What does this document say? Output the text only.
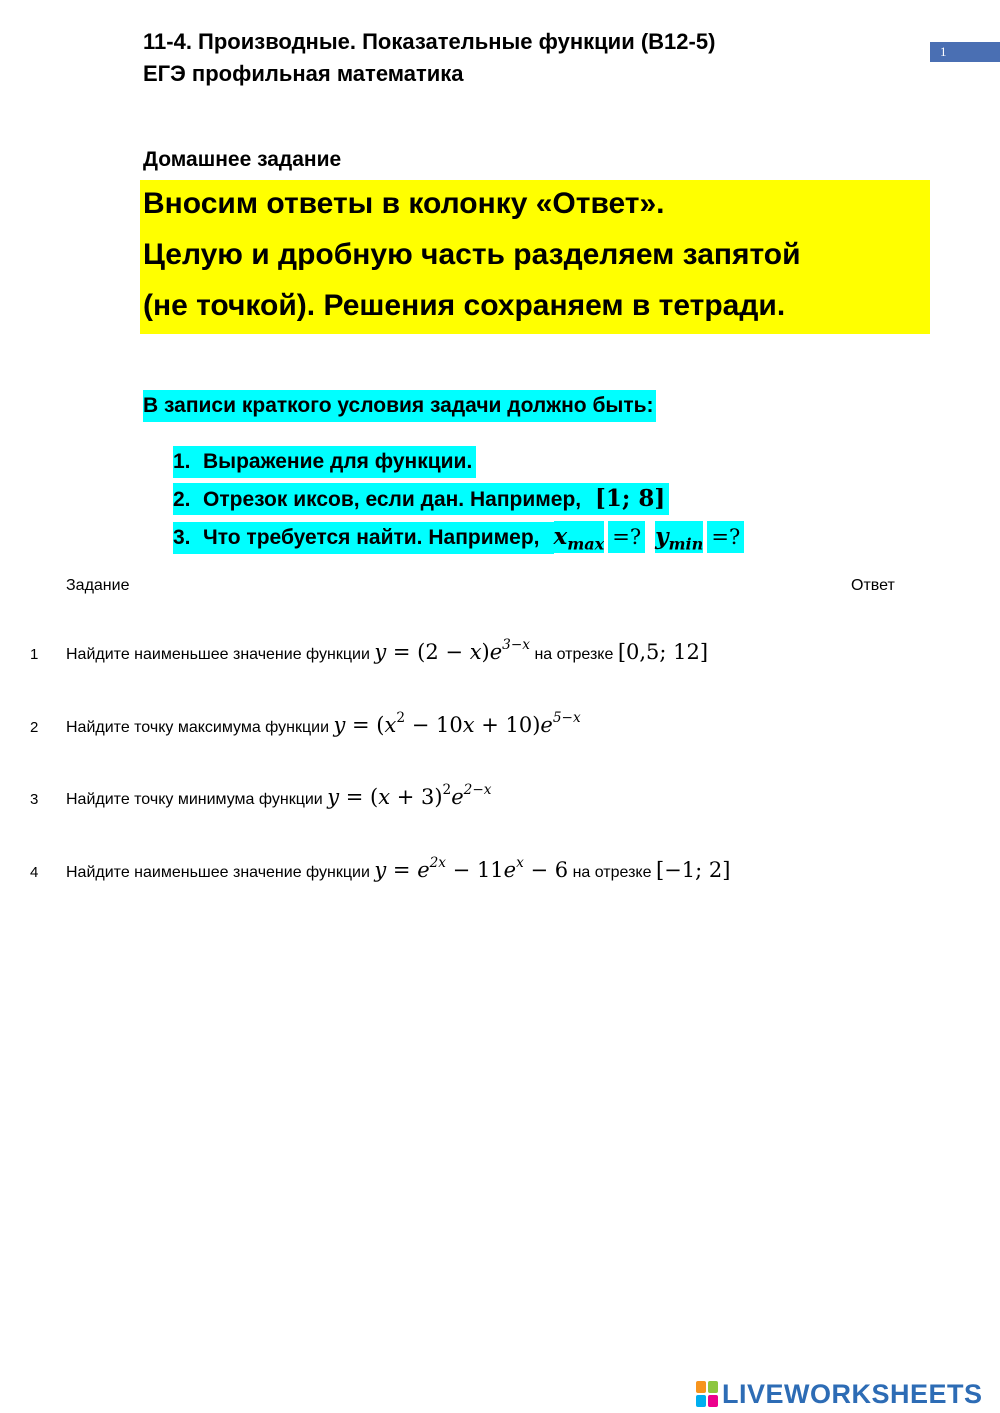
11-4. Производные. Показательные функции (B12-5)
ЕГЭ профильная математика
1
Домашнее задание
Вносим ответы в колонку «Ответ».
Целую и дробную часть разделяем запятой
(не точкой). Решения сохраняем в тетради.
В записи краткого условия задачи должно быть:
1. Выражение для функции.
2. Отрезок иксов, если дан. Например, [1; 8]
3. Что требуется найти. Например, $x_{max}$ =? $y_{min}$ =?
Задание	Ответ
1 Найдите наименьшее значение функции $y = (2 - x)e^{3-x}$ на отрезке [0,5; 12]
2 Найдите точку максимума функции $y = (x^2 - 10x + 10)e^{5-x}$
3 Найдите точку минимума функции $y = (x + 3)^2e^{2-x}$
4 Найдите наименьшее значение функции $y = e^{2x} - 11e^x - 6$ на отрезке [−1; 2]
LIVEWORKSHEETS
